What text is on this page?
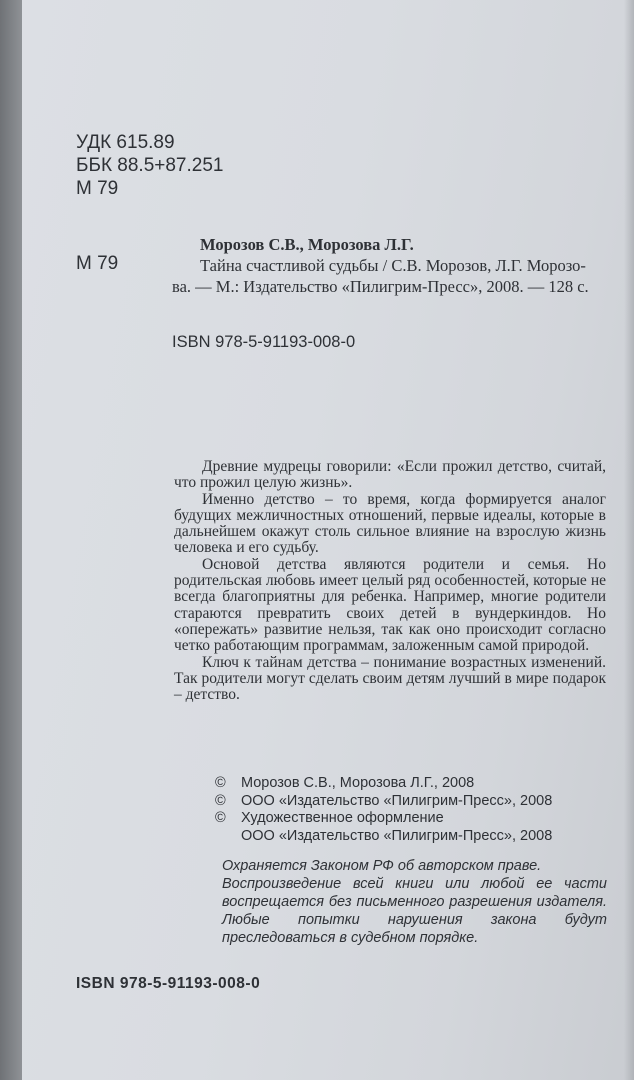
УДК 615.89
ББК 88.5+87.251
М 79
М 79

Морозов С.В., Морозова Л.Г.

Тайна счастливой судьбы / С.В. Морозов, Л.Г. Морозо-

ва. — М.: Издательство «Пилигрим-Пресс», 2008. — 128 с.

ISBN 978-5-91193-008-0

Древние мудрецы говорили: «Если прожил детство, считай, что прожил целую жизнь».

Именно детство – то время, когда формируется аналог будущих межличностных отношений, первые идеалы, которые в дальнейшем окажут столь сильное влияние на взрослую жизнь человека и его судьбу.

Основой детства являются родители и семья. Но родительская любовь имеет целый ряд особенностей, которые не всегда благоприятны для ребенка. Например, многие родители стараются превратить своих детей в вундеркиндов. Но «опережать» развитие нельзя, так как оно происходит согласно четко работающим программам, заложенным самой природой.

Ключ к тайнам детства – понимание возрастных изменений. Так родители могут сделать своим детям лучший в мире подарок – детство.

©	Морозов С.В., Морозова Л.Г., 2008
©	ООО «Издательство «Пилигрим-Пресс», 2008
©	Художественное оформление
ООО «Издательство «Пилигрим-Пресс», 2008

Охраняется Законом РФ об авторском праве.

Воспроизведение всей книги или любой ее части воспрещается без письменного разрешения издателя. Любые попытки нарушения закона будут преследоваться в судебном порядке.

ISBN 978-5-91193-008-0
